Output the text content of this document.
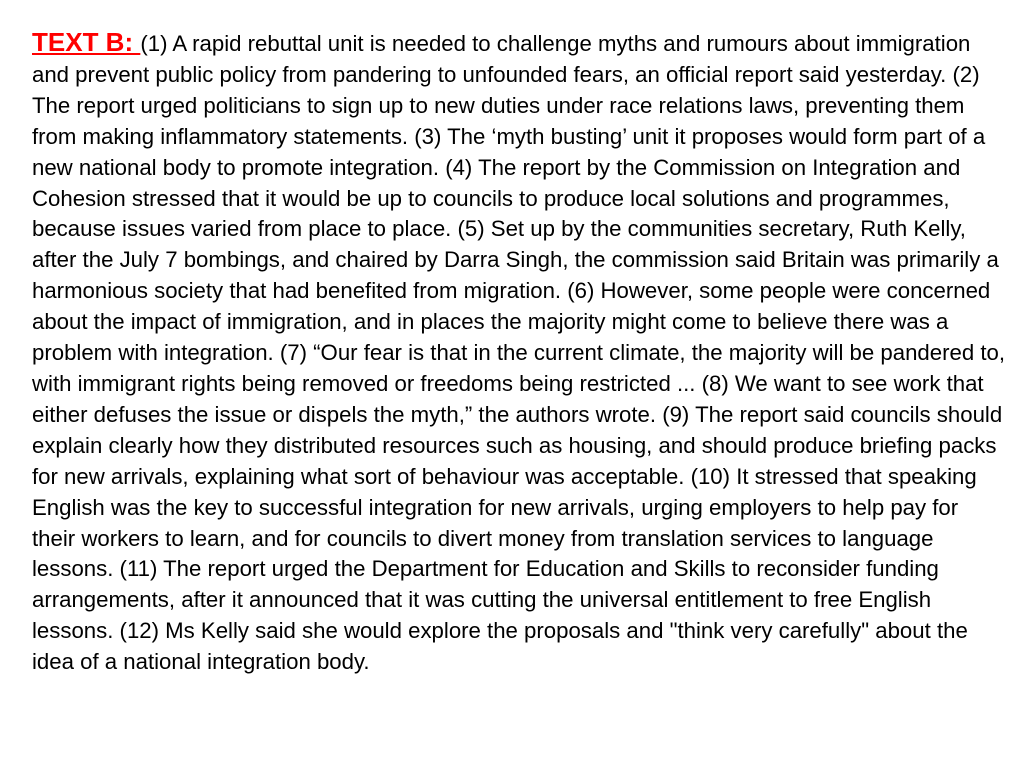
TEXT B: (1) A rapid rebuttal unit is needed to challenge myths and rumours about immigration and prevent public policy from pandering to unfounded fears, an official report said yesterday. (2) The report urged politicians to sign up to new duties under race relations laws, preventing them from making inflammatory statements. (3) The ‘myth busting’ unit it proposes would form part of a new national body to promote integration. (4) The report by the Commission on Integration and Cohesion stressed that it would be up to councils to produce local solutions and programmes, because issues varied from place to place. (5) Set up by the communities secretary, Ruth Kelly, after the July 7 bombings, and chaired by Darra Singh, the commission said Britain was primarily a harmonious society that had benefited from migration. (6) However, some people were concerned about the impact of immigration, and in places the majority might come to believe there was a problem with integration. (7) “Our fear is that in the current climate, the majority will be pandered to, with immigrant rights being removed or freedoms being restricted ... (8) We want to see work that either defuses the issue or dispels the myth,” the authors wrote. (9) The report said councils should explain clearly how they distributed resources such as housing, and should produce briefing packs for new arrivals, explaining what sort of behaviour was acceptable. (10) It stressed that speaking English was the key to successful integration for new arrivals, urging employers to help pay for their workers to learn, and for councils to divert money from translation services to language lessons. (11) The report urged the Department for Education and Skills to reconsider funding arrangements, after it announced that it was cutting the universal entitlement to free English lessons. (12) Ms Kelly said she would explore the proposals and "think very carefully" about the idea of a national integration body.
